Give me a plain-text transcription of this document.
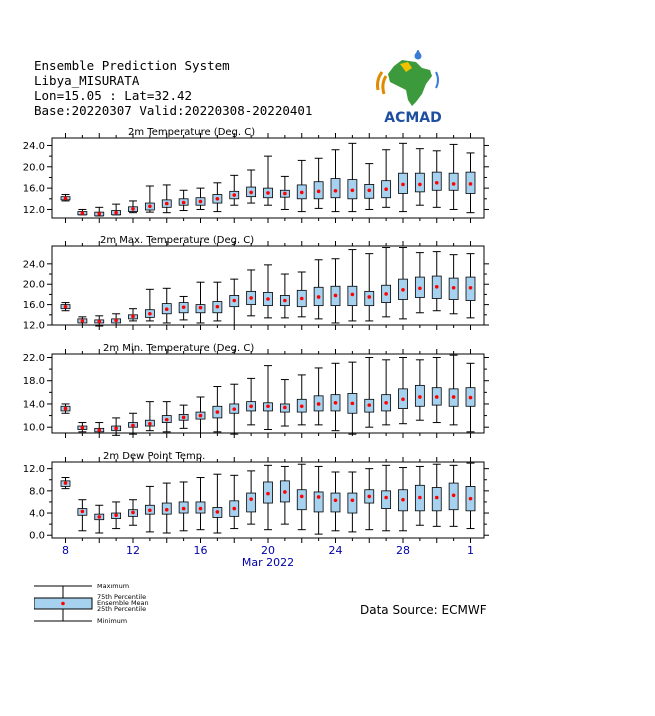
Ensemble Prediction System
Libya_MISURATA
Lon=15.05 : Lat=32.42
Base:20220307 Valid:20220308-20220401	ACMAD
2m Temperature (Deg. C)
12.0
16.0
20.0
24.0
2m Max. Temperature (Deg. C)
12.0
16.0
20.0
24.0
2m Min. Temperature (Deg. C)
10.0
14.0
18.0
22.0
2m Dew Point Temp.
0.0
4.0
8.0
12.0
8	12	16	20	24	28	1
Mar 2022
Maximum
75th Percentile
Ensemble Mean
25th Percentile
Minimum
Data Source: ECMWF
